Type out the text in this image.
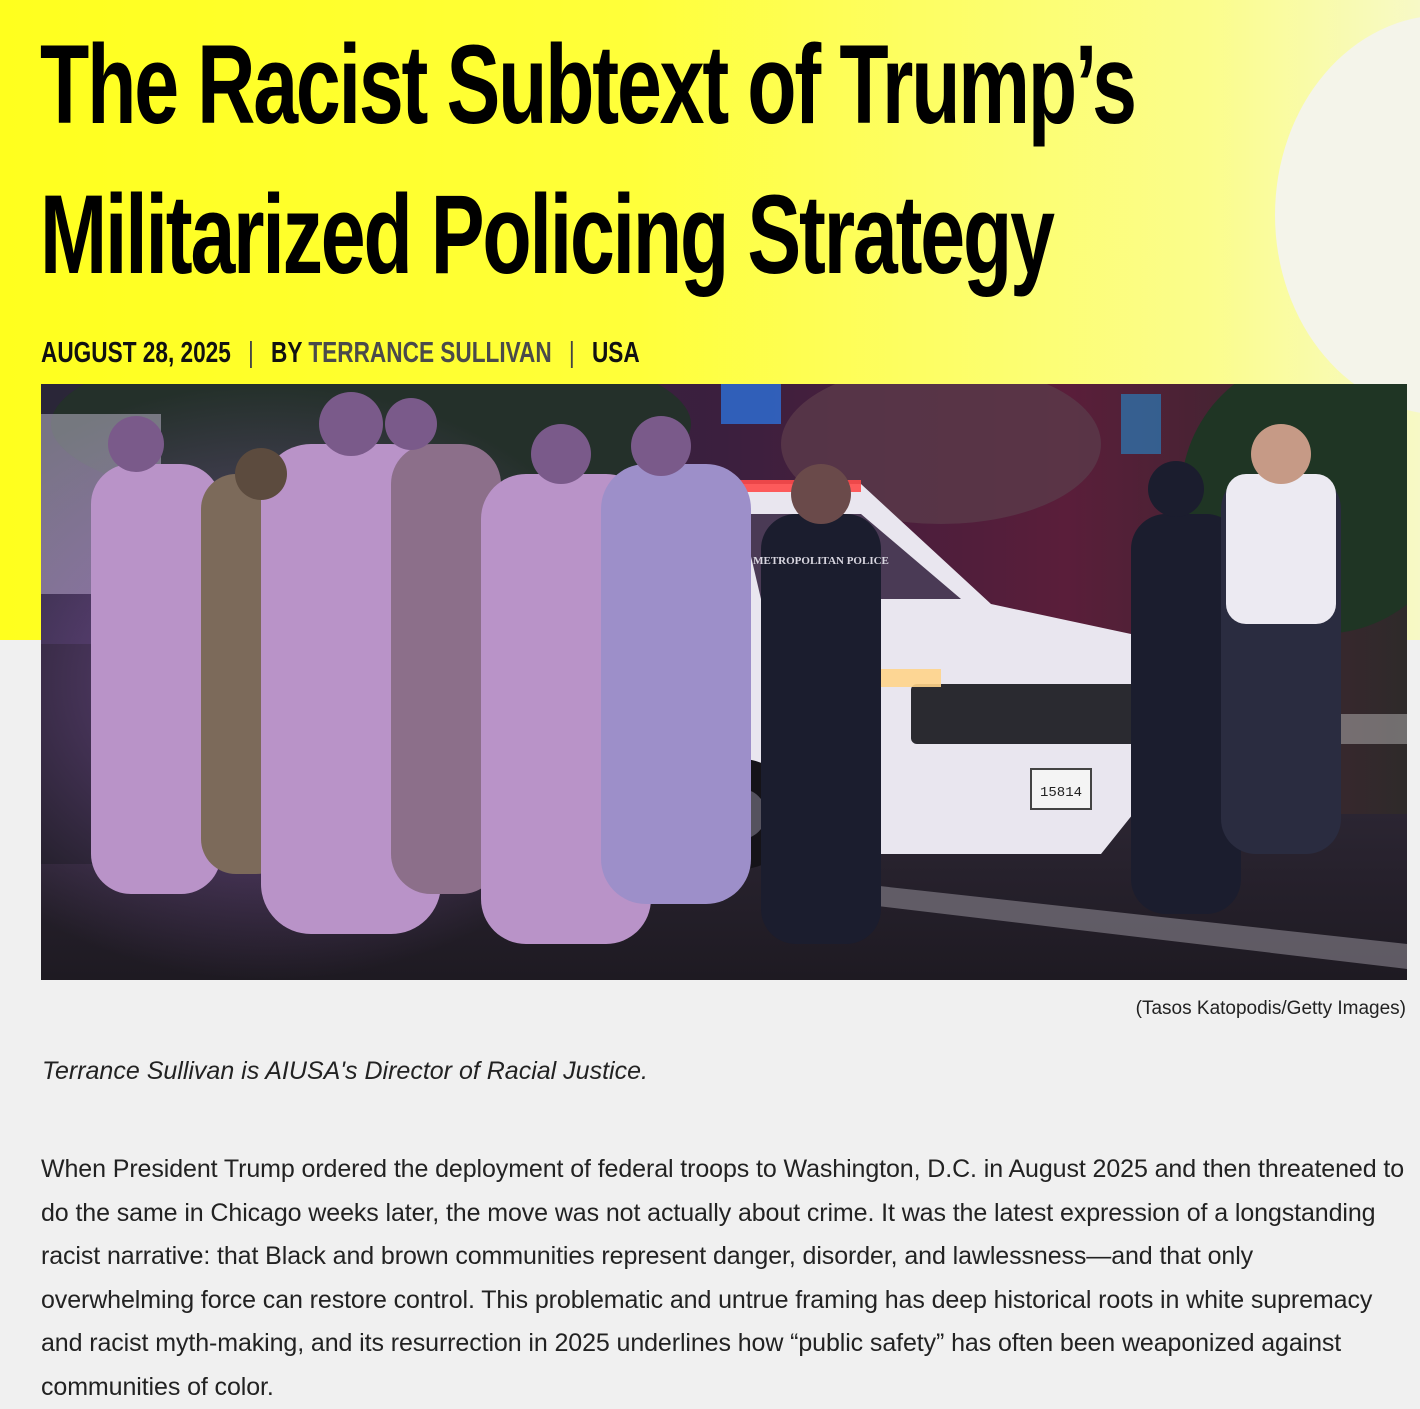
The Racist Subtext of Trump’s Militarized Policing Strategy
AUGUST 28, 2025 | BY TERRANCE SULLIVAN | USA
15814
METROPOLITAN POLICE
(Tasos Katopodis/Getty Images)

Terrance Sullivan is AIUSA's Director of Racial Justice.

When President Trump ordered the deployment of federal troops to Washington, D.C. in August 2025 and then threatened to do the same in Chicago weeks later, the move was not actually about crime. It was the latest expression of a longstanding racist narrative: that Black and brown communities represent danger, disorder, and lawlessness—and that only overwhelming force can restore control. This problematic and untrue framing has deep historical roots in white supremacy and racist myth-making, and its resurrection in 2025 underlines how “public safety” has often been weaponized against communities of color.
